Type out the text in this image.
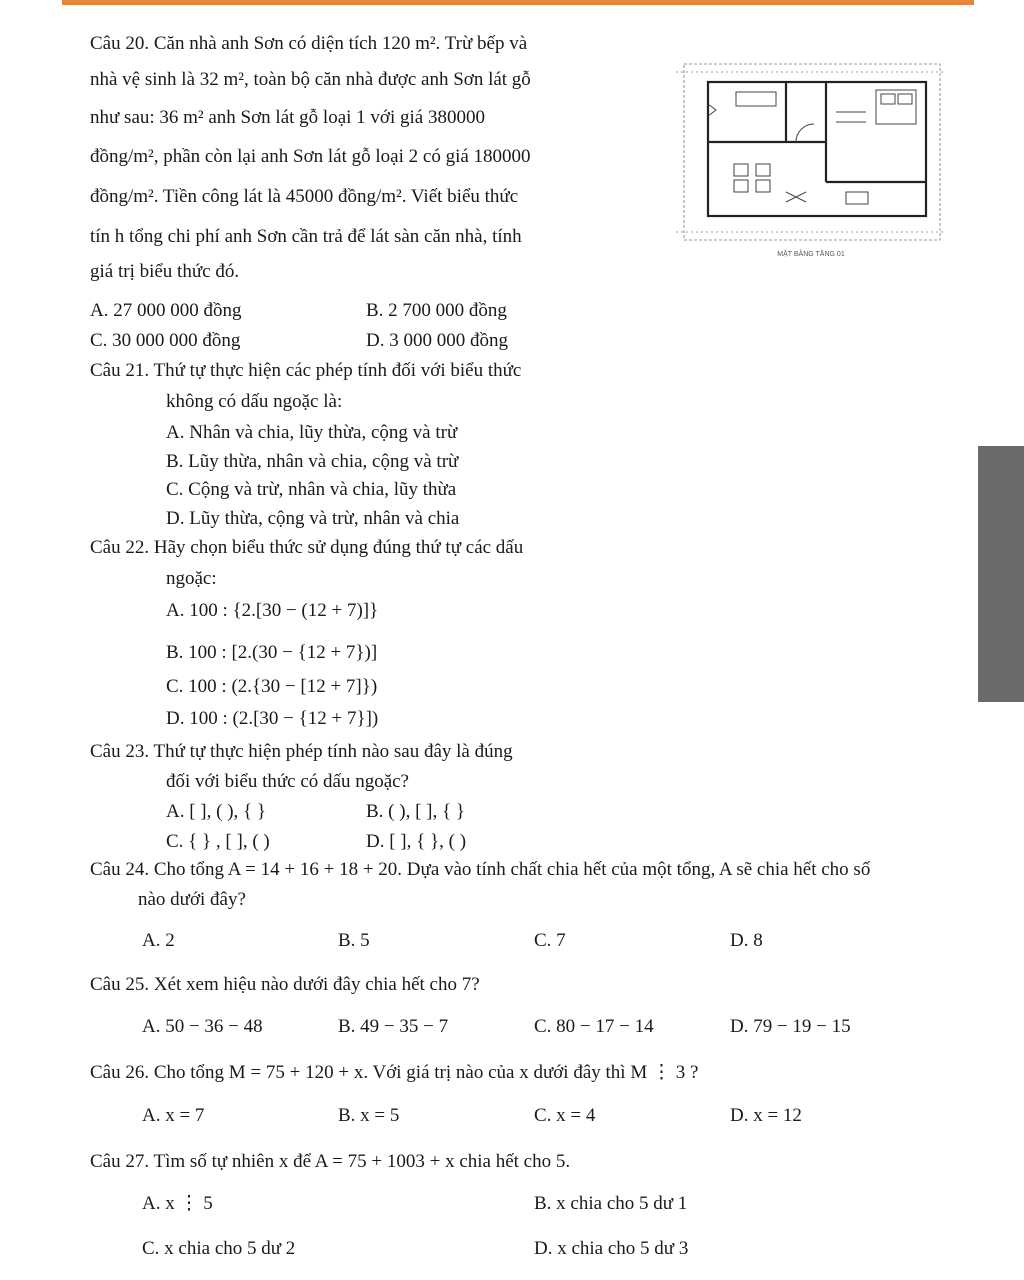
Câu 20. Căn nhà anh Sơn có diện tích 120 m². Trừ bếp và
nhà vệ sinh là 32 m², toàn bộ căn nhà được anh Sơn lát gỗ
như sau: 36 m² anh Sơn lát gỗ loại 1 với giá 380000
đồng/m², phần còn lại anh Sơn lát gỗ loại 2 có giá 180000
đồng/m². Tiền công lát là 45000 đồng/m². Viết biểu thức
tín h tổng chi phí anh Sơn cần trả để lát sàn căn nhà, tính
giá trị biểu thức đó.
A. 27 000 000 đồng	B. 2 700 000 đồng
C. 30 000 000 đồng	D. 3 000 000 đồng
MẶT BẰNG TẦNG 01
Câu 21. Thứ tự thực hiện các phép tính đối với biểu thức
không có dấu ngoặc là:
A. Nhân và chia, lũy thừa, cộng và trừ
B. Lũy thừa, nhân và chia, cộng và trừ
C. Cộng và trừ, nhân và chia, lũy thừa
D. Lũy thừa, cộng và trừ, nhân và chia
Câu 22. Hãy chọn biểu thức sử dụng đúng thứ tự các dấu
ngoặc:
A. 100 : {2.[30 − (12 + 7)]}
B. 100 : [2.(30 − {12 + 7})]
C. 100 : (2.{30 − [12 + 7]})
D. 100 : (2.[30 − {12 + 7}])
Câu 23. Thứ tự thực hiện phép tính nào sau đây là đúng
đối với biểu thức có dấu ngoặc?
A. [ ], ( ), { }	B. ( ), [ ], { }
C. { } , [ ], ( )	D. [ ], { }, ( )
Câu 24. Cho tổng A = 14 + 16 + 18 + 20. Dựa vào tính chất chia hết của một tổng, A sẽ chia hết cho số
nào dưới đây?
A. 2	B. 5	C. 7	D. 8
Câu 25. Xét xem hiệu nào dưới đây chia hết cho 7?
A. 50 − 36 − 48	B. 49 − 35 − 7	C. 80 − 17 − 14	D. 79 − 19 − 15
Câu 26. Cho tổng M = 75 + 120 + x. Với giá trị nào của x dưới đây thì M ⋮ 3 ?
A. x = 7	B. x = 5	C. x = 4	D. x = 12
Câu 27. Tìm số tự nhiên x để A = 75 + 1003 + x chia hết cho 5.
A. x ⋮ 5	B. x chia cho 5 dư 1
C. x chia cho 5 dư 2	D. x chia cho 5 dư 3
